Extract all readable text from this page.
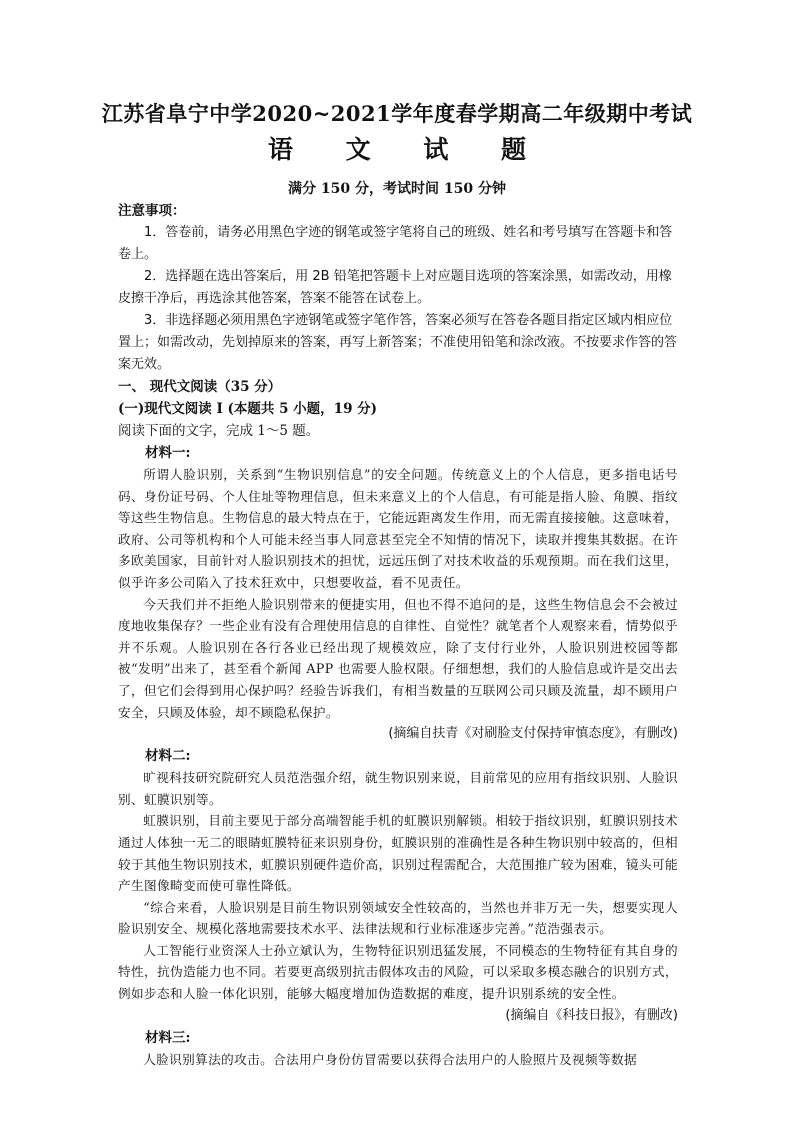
江苏省阜宁中学2020~2021学年度春学期高二年级期中考试
语 文 试 题
满分 150 分，考试时间 150 分钟

注意事项：

1．答卷前，请务必用黑色字迹的钢笔或签字笔将自己的班级、姓名和考号填写在答题卡和答卷上。

2．选择题在选出答案后，用 2B 铅笔把答题卡上对应题目选项的答案涂黑，如需改动，用橡皮擦干净后，再选涂其他答案，答案不能答在试卷上。

3．非选择题必须用黑色字迹钢笔或签字笔作答，答案必须写在答卷各题目指定区域内相应位置上；如需改动，先划掉原来的答案，再写上新答案；不准使用铅笔和涂改液。不按要求作答的答案无效。

一、 现代文阅读（35 分）

(一)现代文阅读 I (本题共 5 小题，19 分)

阅读下面的文字，完成 1～5 题。

材料一:

所谓人脸识别，关系到“生物识别信息”的安全问题。传统意义上的个人信息，更多指电话号码、身份证号码、个人住址等物理信息，但未来意义上的个人信息，有可能是指人脸、角膜、指纹等这些生物信息。生物信息的最大特点在于，它能远距离发生作用，而无需直接接触。这意味着，政府、公司等机构和个人可能未经当事人同意甚至完全不知情的情况下，读取并搜集其数据。在许多欧美国家，目前针对人脸识别技术的担忧，远远压倒了对技术收益的乐观预期。而在我们这里，似乎许多公司陷入了技术狂欢中，只想要收益，看不见责任。

今天我们并不拒绝人脸识别带来的便捷实用，但也不得不追问的是，这些生物信息会不会被过度地收集保存？一些企业有没有合理使用信息的自律性、自觉性？就笔者个人观察来看，情势似乎并不乐观。人脸识别在各行各业已经出现了规模效应，除了支付行业外，人脸识别进校园等都被“发明”出来了，甚至看个新闻 APP 也需要人脸权限。仔细想想，我们的人脸信息或许是交出去了，但它们会得到用心保护吗？经验告诉我们，有相当数量的互联网公司只顾及流量，却不顾用户安全，只顾及体验，却不顾隐私保护。

(摘编自扶青《对刷脸支付保持审慎态度》，有删改)

材料二:

旷视科技研究院研究人员范浩强介绍，就生物识别来说，目前常见的应用有指纹识别、人脸识别、虹膜识别等。

虹膜识别，目前主要见于部分高端智能手机的虹膜识别解锁。相较于指纹识别，虹膜识别技术通过人体独一无二的眼睛虹膜特征来识别身份，虹膜识别的准确性是各种生物识别中较高的，但相较于其他生物识别技术，虹膜识别硬件造价高，识别过程需配合，大范围推广较为困难，镜头可能产生图像畸变而使可靠性降低。

“综合来看，人脸识别是目前生物识别领域安全性较高的，当然也并非万无一失，想要实现人脸识别安全、规模化落地需要技术水平、法律法规和行业标准逐步完善。”范浩强表示。

人工智能行业资深人士孙立斌认为，生物特征识别迅猛发展，不同模态的生物特征有其自身的特性，抗伪造能力也不同。若要更高级别抗击假体攻击的风险，可以采取多模态融合的识别方式，例如步态和人脸一体化识别，能够大幅度增加伪造数据的难度，提升识别系统的安全性。

(摘编自《科技日报》，有删改)

材料三:

人脸识别算法的攻击。合法用户身份仿冒需要以获得合法用户的人脸照片及视频等数据
